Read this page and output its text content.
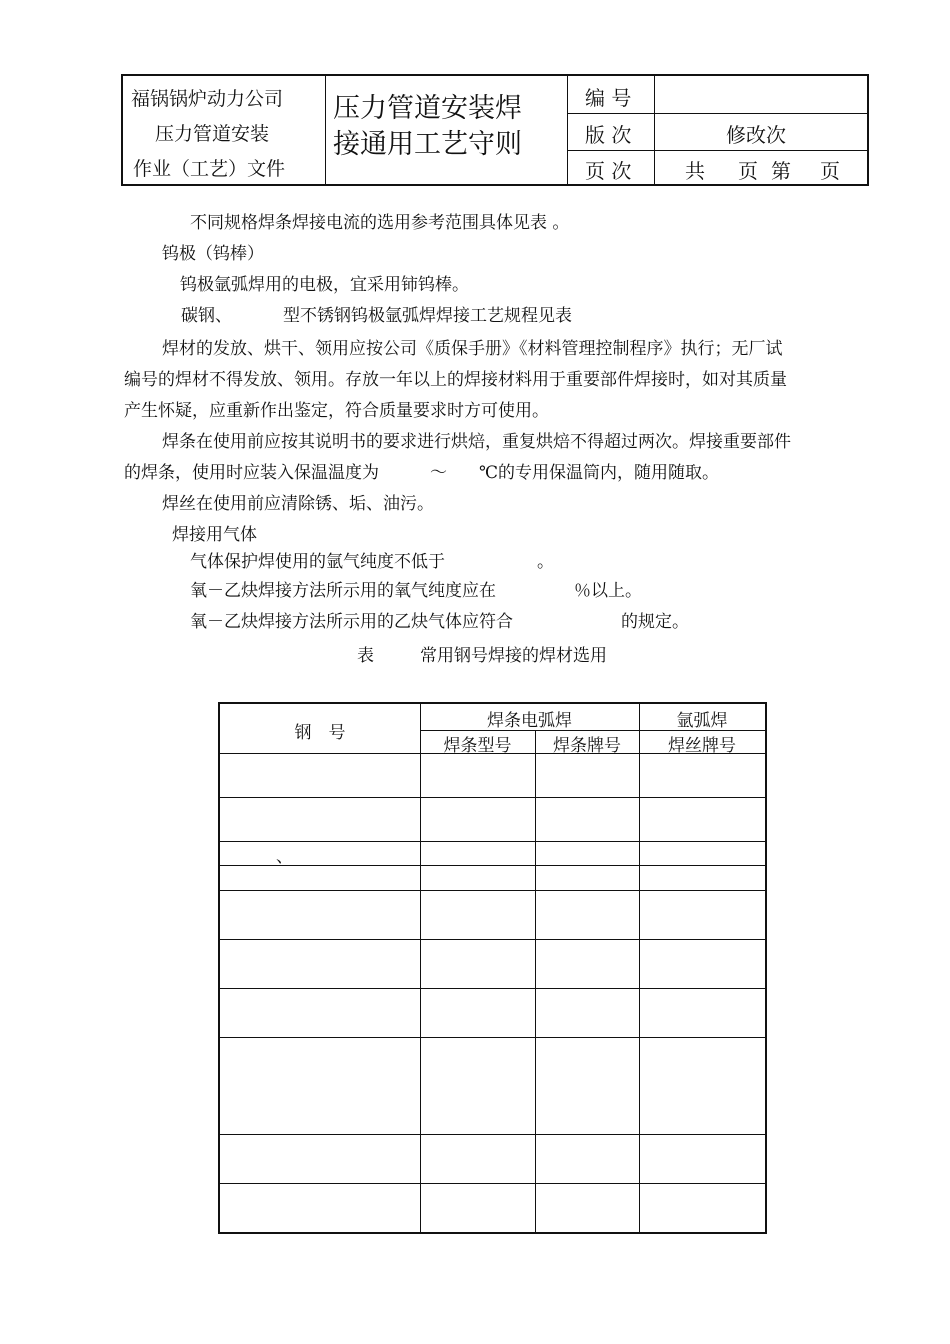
福锅锅炉动力公司
压力管道安装
作业（工艺）文件
压力管道安装焊
接通用工艺守则
编 号
版 次	修改次
页 次	共 页 第 页
不同规格焊条焊接电流的选用参考范围具体见表 。
钨极（钨棒）
钨极氩弧焊用的电极，宜采用铈钨棒。
碳钢、	型不锈钢钨极氩弧焊焊接工艺规程见表
焊材的发放、烘干、领用应按公司《质保手册》《材料管理控制程序》执行；无厂试
编号的焊材不得发放、领用。存放一年以上的焊接材料用于重要部件焊接时，如对其质量
产生怀疑，应重新作出鉴定，符合质量要求时方可使用。
焊条在使用前应按其说明书的要求进行烘焙，重复烘焙不得超过两次。焊接重要部件
的焊条，使用时应装入保温温度为	～ ℃的专用保温筒内，随用随取。
焊丝在使用前应清除锈、垢、油污。
焊接用气体
气体保护焊使用的氩气纯度不低于	。
氧－乙炔焊接方法所示用的氧气纯度应在	％以上。
氧－乙炔焊接方法所示用的乙炔气体应符合	的规定。
表	常用钢号焊接的焊材选用
钢　号
焊条电弧焊	氩弧焊
焊条型号	焊条牌号	焊丝牌号
、
